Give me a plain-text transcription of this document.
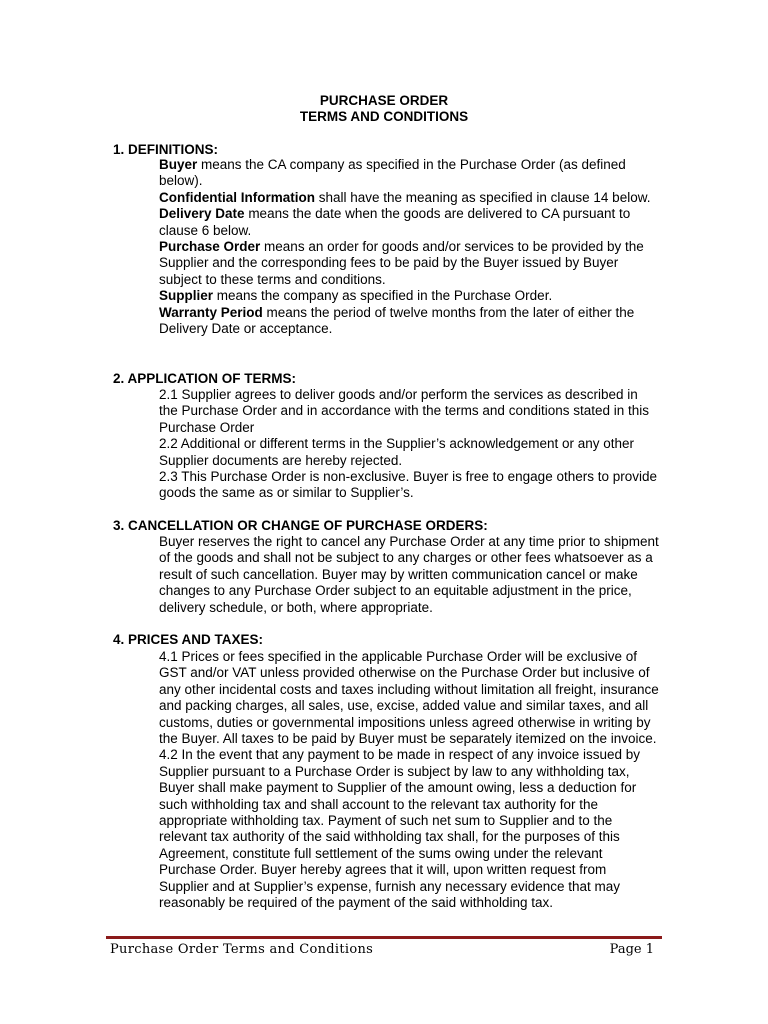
PURCHASE ORDER
TERMS AND CONDITIONS
1. DEFINITIONS:
Buyer means the CA company as specified in the Purchase Order (as defined below).
Confidential Information shall have the meaning as specified in clause 14 below.
Delivery Date means the date when the goods are delivered to CA pursuant to clause 6 below.
Purchase Order means an order for goods and/or services to be provided by the Supplier and the corresponding fees to be paid by the Buyer issued by Buyer subject to these terms and conditions.
Supplier means the company as specified in the Purchase Order.
Warranty Period means the period of twelve months from the later of either the Delivery Date or acceptance.
2. APPLICATION OF TERMS:
2.1 Supplier agrees to deliver goods and/or perform the services as described in the Purchase Order and in accordance with the terms and conditions stated in this Purchase Order
2.2 Additional or different terms in the Supplier’s acknowledgement or any other Supplier documents are hereby rejected.
2.3 This Purchase Order is non-exclusive. Buyer is free to engage others to provide goods the same as or similar to Supplier’s.
3. CANCELLATION OR CHANGE OF PURCHASE ORDERS:
Buyer reserves the right to cancel any Purchase Order at any time prior to shipment of the goods and shall not be subject to any charges or other fees whatsoever as a result of such cancellation. Buyer may by written communication cancel or make changes to any Purchase Order subject to an equitable adjustment in the price, delivery schedule, or both, where appropriate.
4. PRICES AND TAXES:
4.1 Prices or fees specified in the applicable Purchase Order will be exclusive of GST and/or VAT unless provided otherwise on the Purchase Order but inclusive of any other incidental costs and taxes including without limitation all freight, insurance and packing charges, all sales, use, excise, added value and similar taxes, and all customs, duties or governmental impositions unless agreed otherwise in writing by the Buyer. All taxes to be paid by Buyer must be separately itemized on the invoice.
4.2 In the event that any payment to be made in respect of any invoice issued by Supplier pursuant to a Purchase Order is subject by law to any withholding tax, Buyer shall make payment to Supplier of the amount owing, less a deduction for such withholding tax and shall account to the relevant tax authority for the appropriate withholding tax. Payment of such net sum to Supplier and to the relevant tax authority of the said withholding tax shall, for the purposes of this Agreement, constitute full settlement of the sums owing under the relevant Purchase Order. Buyer hereby agrees that it will, upon written request from Supplier and at Supplier’s expense, furnish any necessary evidence that may reasonably be required of the payment of the said withholding tax.
Purchase Order Terms and Conditions	Page 1
